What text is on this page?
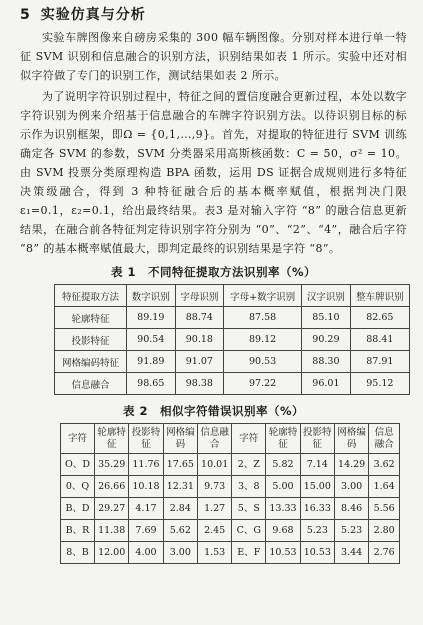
5 实验仿真与分析

实验车牌图像来自磅房采集的 300 幅车辆图像。分别对样本进行单一特征 SVM 识别和信息融合的识别方法，识别结果如表 1 所示。实验中还对相似字符做了专门的识别工作，测试结果如表 2 所示。

为了说明字符识别过程中，特征之间的置信度融合更新过程，本处以数字字符识别为例来介绍基于信息融合的车牌字符识别方法。以待识别目标的标示作为识别框架，即Ω = {0,1,…,9}。首先，对提取的特征进行 SVM 训练确定各 SVM 的参数，SVM 分类器采用高斯核函数：C = 50，σ² = 10。由 SVM 投票分类原理构造 BPA 函数，运用 DS 证据合成规则进行多特征决策级融合，得到 3 种特征融合后的基本概率赋值，根据判决门限 ε₁=0.1，ε₂=0.1，给出最终结果。表3 是对输入字符 “8” 的融合信息更新结果，在融合前各特征判定待识别字符分别为 “0”、“2”、“4”，融合后字符 “8” 的基本概率赋值最大，即判定最终的识别结果是字符 “8”。

表 1　不同特征提取方法识别率（%）
特征提取方法	数字识别	字母识别	字母+数字识别	汉字识别	整车牌识别
轮廓特征	89.19	88.74	87.58	85.10	82.65
投影特征	90.54	90.18	89.12	90.29	88.41
网格编码特征	91.89	91.07	90.53	88.30	87.91
信息融合	98.65	98.38	97.22	96.01	95.12
表 2　相似字符错误识别率（%）
字符	轮廓特征	投影特征	网格编码	信息融合	字符	轮廓特征	投影特征	网格编码	信息融合
O、D	35.29	11.76	17.65	10.01	2、Z	5.82	7.14	14.29	3.62
0、Q	26.66	10.18	12.31	9.73	3、8	5.00	15.00	3.00	1.64
B、D	29.27	4.17	2.84	1.27	5、S	13.33	16.33	8.46	5.56
B、R	11.38	7.69	5.62	2.45	C、G	9.68	5.23	5.23	2.80
8、B	12.00	4.00	3.00	1.53	E、F	10.53	10.53	3.44	2.76
